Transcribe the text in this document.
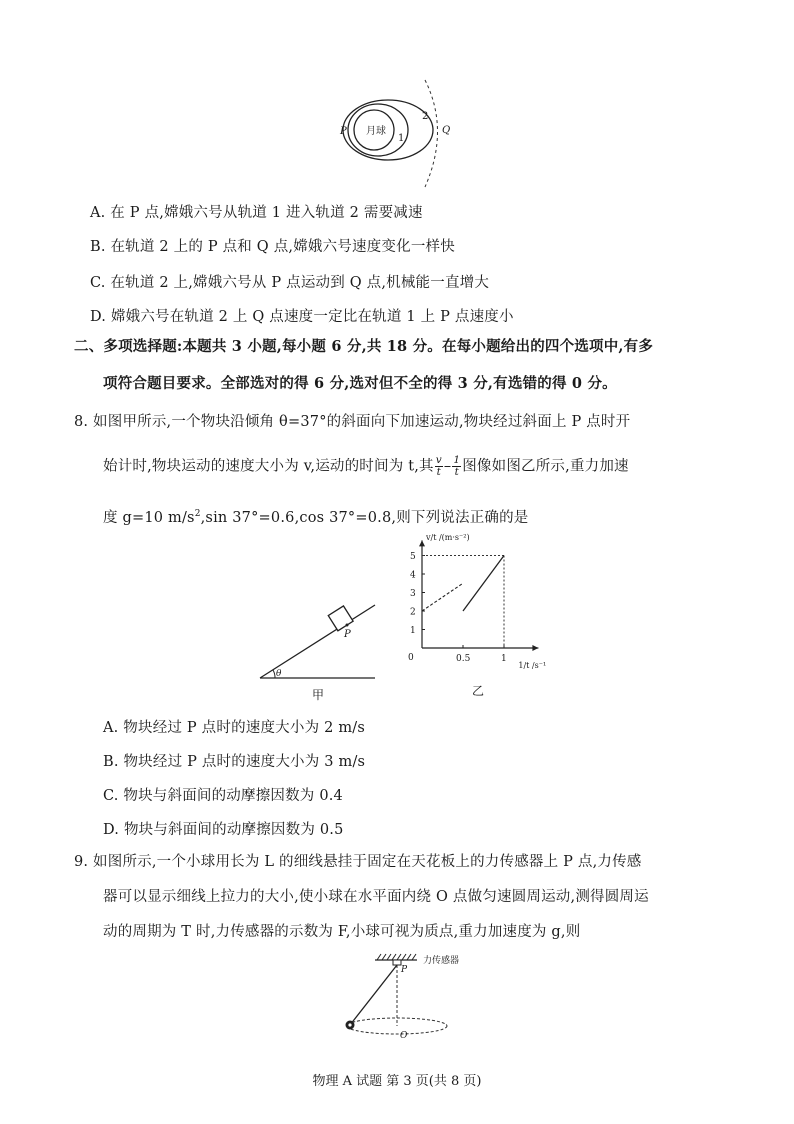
月球
P
1
2
Q
A. 在 P 点,嫦娥六号从轨道 1 进入轨道 2 需要减速
B. 在轨道 2 上的 P 点和 Q 点,嫦娥六号速度变化一样快
C. 在轨道 2 上,嫦娥六号从 P 点运动到 Q 点,机械能一直增大
D. 嫦娥六号在轨道 2 上 Q 点速度一定比在轨道 1 上 P 点速度小
二、多项选择题:本题共 3 小题,每小题 6 分,共 18 分。在每小题给出的四个选项中,有多
项符合题目要求。全部选对的得 6 分,选对但不全的得 3 分,有选错的得 0 分。
8. 如图甲所示,一个物块沿倾角 θ=37°的斜面向下加速运动,物块经过斜面上 P 点时开
始计时,物块运动的速度大小为 v,运动的时间为 t,其 $\frac{v}{t} - \frac{1}{t}$ 图像如图乙所示,重力加速
度 g=10 $m/s^2,\sin$ 37°=0.6,cos 37°=0.8,则下列说法正确的是
P
θ
甲
v/t /(m·s⁻²)
1/t /s⁻¹
0
1
2
3
4
5
0.5	1
乙
A. 物块经过 P 点时的速度大小为 2 m/s
B. 物块经过 P 点时的速度大小为 3 m/s
C. 物块与斜面间的动摩擦因数为 0.4
D. 物块与斜面间的动摩擦因数为 0.5
9. 如图所示,一个小球用长为 L 的细线悬挂于固定在天花板上的力传感器上 P 点,力传感
器可以显示细线上拉力的大小,使小球在水平面内绕 O 点做匀速圆周运动,测得圆周运
动的周期为 T 时,力传感器的示数为 F,小球可视为质点,重力加速度为 g,则
P
力传感器
O
物理 A 试题 第 3 页(共 8 页)
